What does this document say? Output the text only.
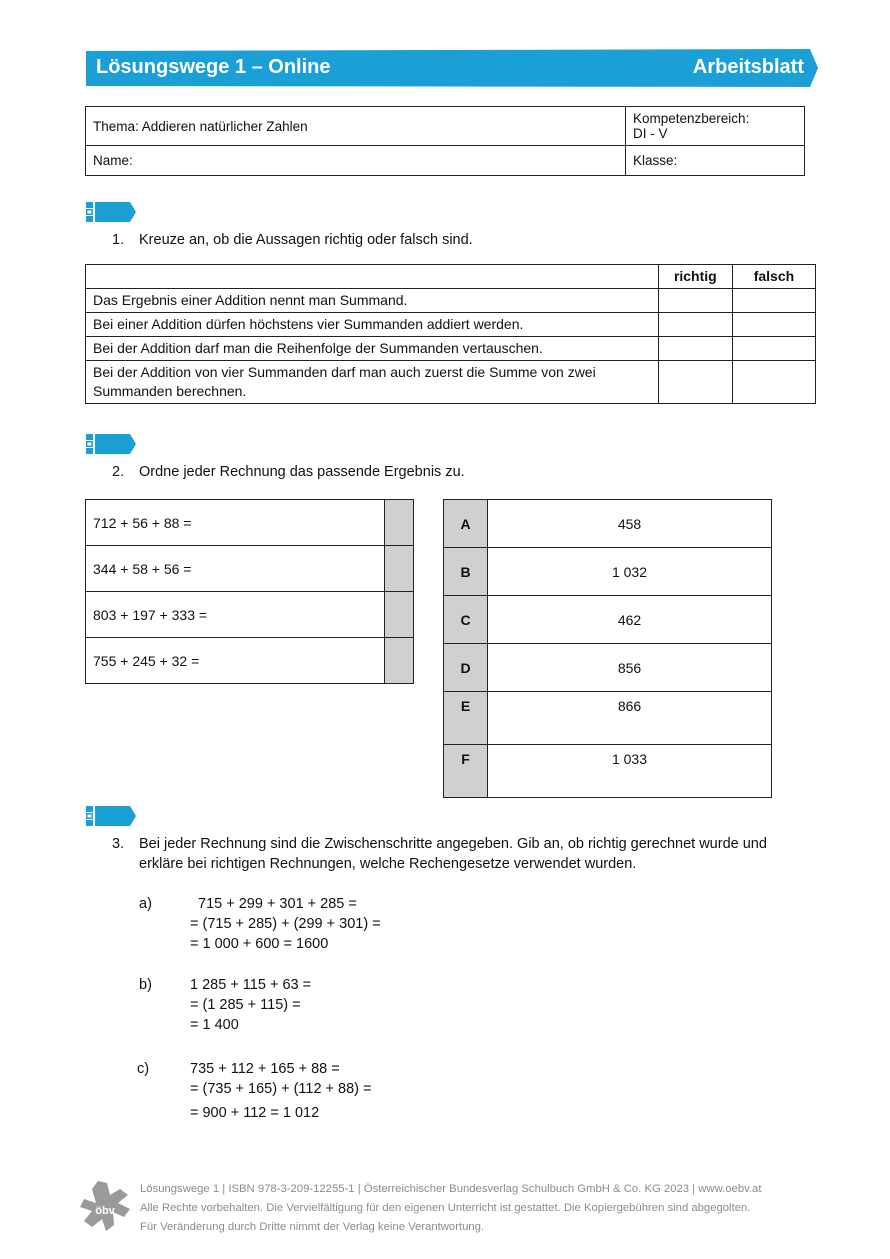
Lösungswege 1 – Online	Arbeitsblatt
Thema: Addieren natürlicher Zahlen	Kompetenzbereich:
DI - V

Name:	Klasse:
1. Kreuze an, ob die Aussagen richtig oder falsch sind.
	richtig	falsch
Das Ergebnis einer Addition nennt man Summand.		
Bei einer Addition dürfen höchstens vier Summanden addiert werden.		
Bei der Addition darf man die Reihenfolge der Summanden vertauschen.		
Bei der Addition von vier Summanden darf man auch zuerst die Summe von zwei Summanden berechnen.		
2. Ordne jeder Rechnung das passende Ergebnis zu.
712 + 56 + 88 =	
344 + 58 + 56 =	
803 + 197 + 333 =	
755 + 245 + 32 =	
A	458
B	1 032
C	462
D	856
E	866
F	1 033
3. Bei jeder Rechnung sind die Zwischenschritte angegeben. Gib an, ob richtig gerechnet wurde und
erkläre bei richtigen Rechnungen, welche Rechengesetze verwendet wurden.
a)	715 + 299 + 301 + 285 =
= (715 + 285) + (299 + 301) =
= 1 000 + 600 = 1600
b)	1 285 + 115 + 63 =
= (1 285 + 115) =
= 1 400
c)	735 + 112 + 165 + 88 =
= (735 + 165) + (112 + 88) =
= 900 + 112 = 1 012
öbv
Lösungswege 1 | ISBN 978-3-209-12255-1 | Österreichischer Bundesverlag Schulbuch GmbH & Co. KG 2023 | www.oebv.at
Alle Rechte vorbehalten. Die Vervielfältigung für den eigenen Unterricht ist gestattet. Die Kopiergebühren sind abgegolten.
Für Veränderung durch Dritte nimmt der Verlag keine Verantwortung.
